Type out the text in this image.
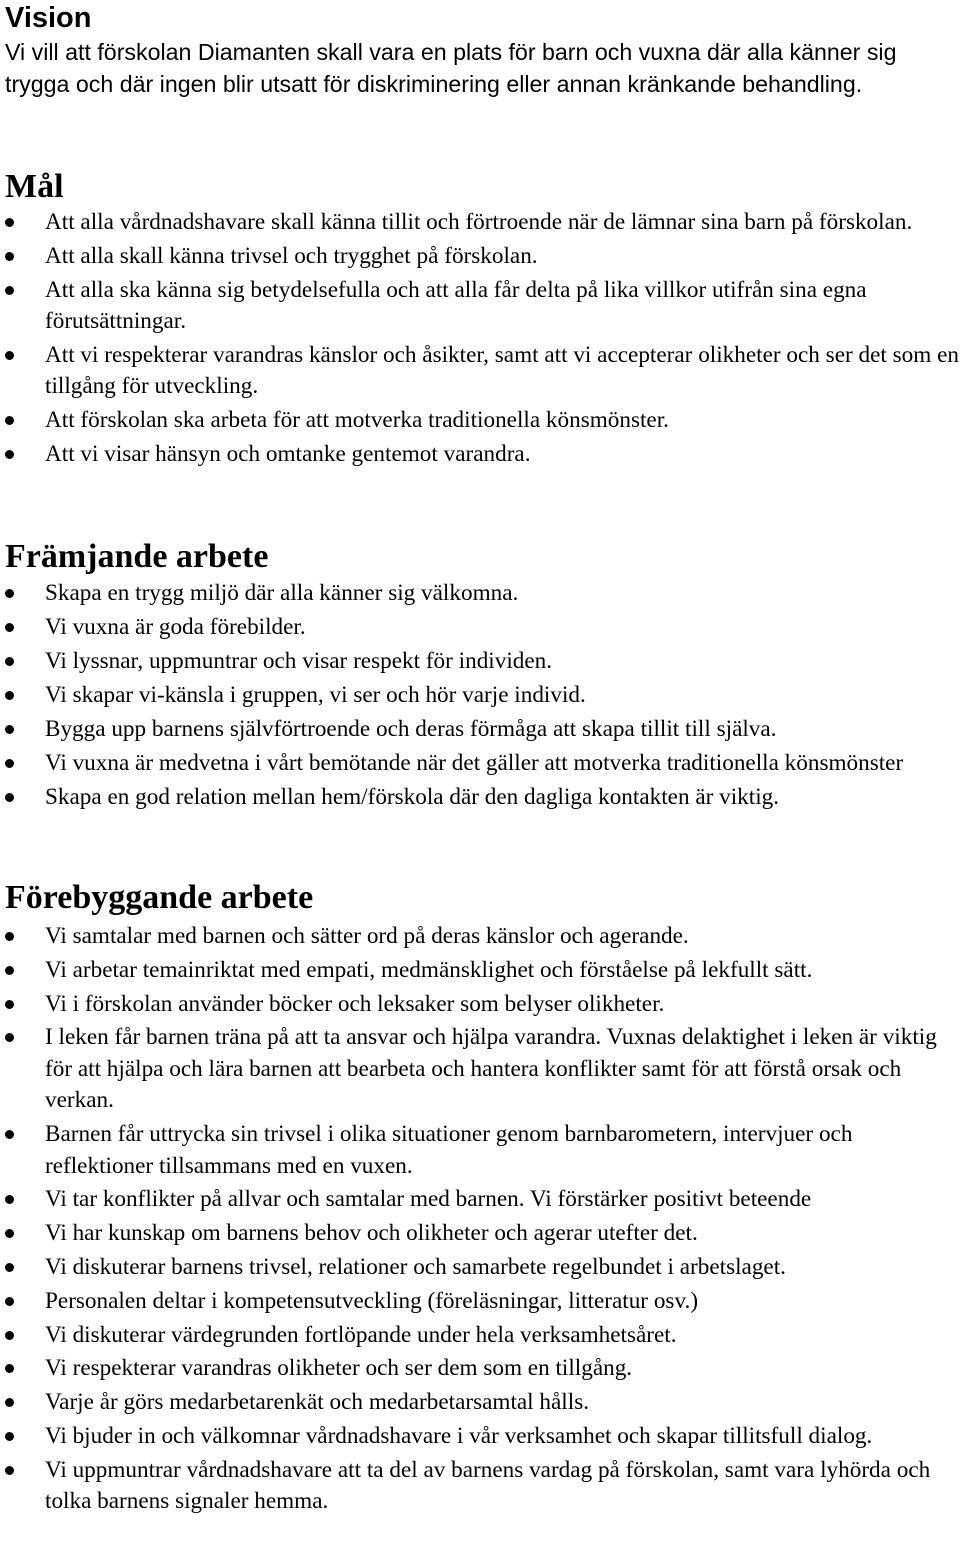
Vision

Vi vill att förskolan Diamanten skall vara en plats för barn och vuxna där alla känner sig trygga och där ingen blir utsatt för diskriminering eller annan kränkande behandling.

Mål
Att alla vårdnadshavare skall känna tillit och förtroende när de lämnar sina barn på förskolan.
Att alla skall känna trivsel och trygghet på förskolan.
Att alla ska känna sig betydelsefulla och att alla får delta på lika villkor utifrån sina egna förutsättningar.
Att vi respekterar varandras känslor och åsikter, samt att vi accepterar olikheter och ser det som en tillgång för utveckling.
Att förskolan ska arbeta för att motverka traditionella könsmönster.
Att vi visar hänsyn och omtanke gentemot varandra.
Främjande arbete
Skapa en trygg miljö där alla känner sig välkomna.
Vi vuxna är goda förebilder.
Vi lyssnar, uppmuntrar och visar respekt för individen.
Vi skapar vi-känsla i gruppen, vi ser och hör varje individ.
Bygga upp barnens självförtroende och deras förmåga att skapa tillit till själva.
Vi vuxna är medvetna i vårt bemötande när det gäller att motverka traditionella könsmönster
Skapa en god relation mellan hem/förskola där den dagliga kontakten är viktig.
Förebyggande arbete
Vi samtalar med barnen och sätter ord på deras känslor och agerande.
Vi arbetar temainriktat med empati, medmänsklighet och förståelse på lekfullt sätt.
Vi i förskolan använder böcker och leksaker som belyser olikheter.
I leken får barnen träna på att ta ansvar och hjälpa varandra. Vuxnas delaktighet i leken är viktig för att hjälpa och lära barnen att bearbeta och hantera konflikter samt för att förstå orsak och verkan.
Barnen får uttrycka sin trivsel i olika situationer genom barnbarometern, intervjuer och reflektioner tillsammans med en vuxen.
Vi tar konflikter på allvar och samtalar med barnen. Vi förstärker positivt beteende
Vi har kunskap om barnens behov och olikheter och agerar utefter det.
Vi diskuterar barnens trivsel, relationer och samarbete regelbundet i arbetslaget.
Personalen deltar i kompetensutveckling (föreläsningar, litteratur osv.)
Vi diskuterar värdegrunden fortlöpande under hela verksamhetsåret.
Vi respekterar varandras olikheter och ser dem som en tillgång.
Varje år görs medarbetarenkät och medarbetarsamtal hålls.
Vi bjuder in och välkomnar vårdnadshavare i vår verksamhet och skapar tillitsfull dialog.
Vi uppmuntrar vårdnadshavare att ta del av barnens vardag på förskolan, samt vara lyhörda och tolka barnens signaler hemma.
